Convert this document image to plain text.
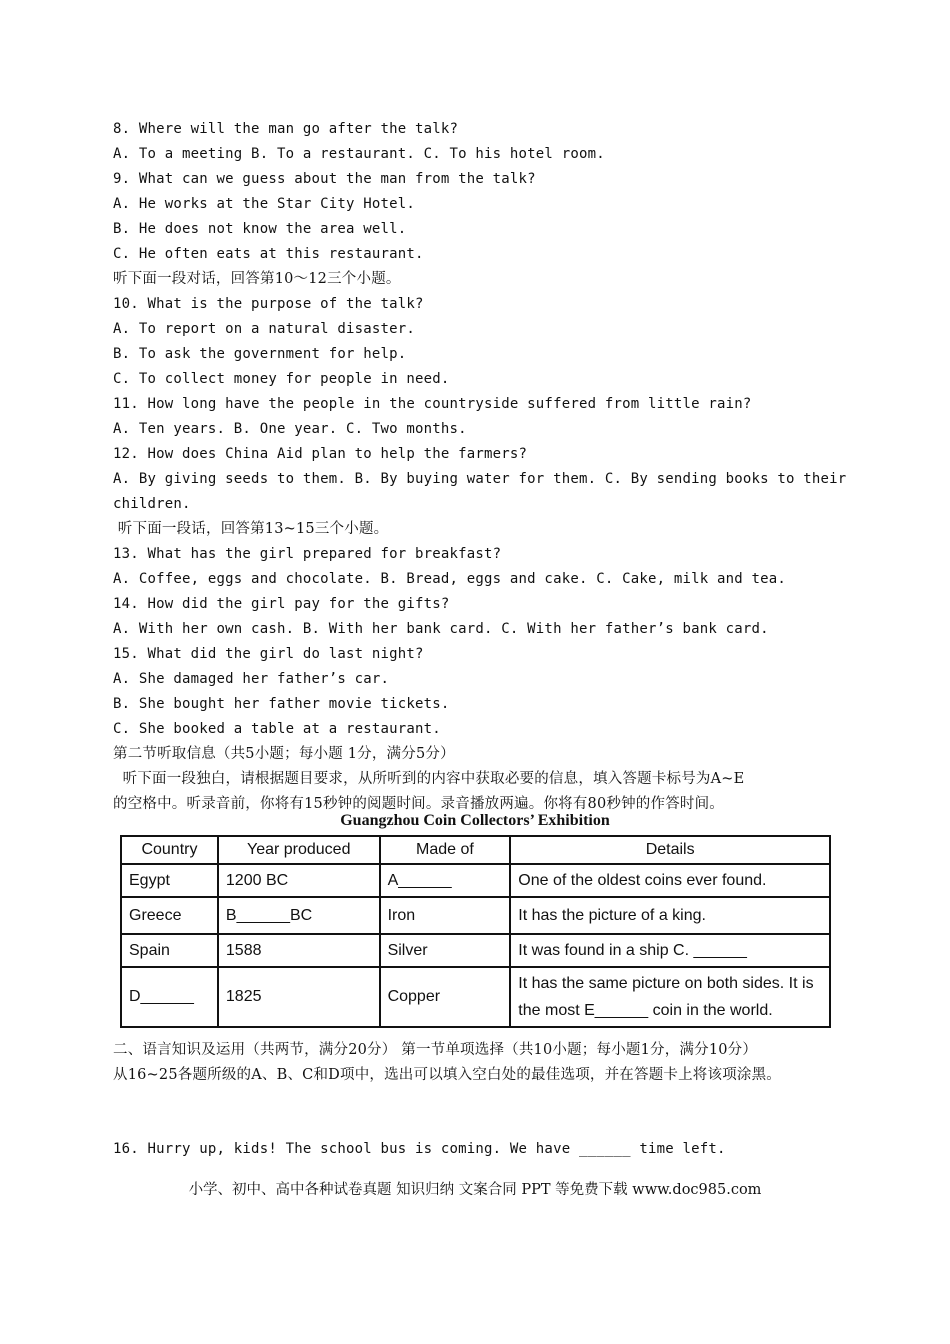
8. Where will the man go after the talk?
A. To a meeting B. To a restaurant. C. To his hotel room.
9. What can we guess about the man from the talk?
A. He works at the Star City Hotel.
B. He does not know the area well.
C. He often eats at this restaurant.
听下面一段对话，回答第10～12三个小题。
10. What is the purpose of the talk?
A. To report on a natural disaster.
B. To ask the government for help.
C. To collect money for people in need.
11. How long have the people in the countryside suffered from little rain?
A. Ten years. B. One year. C. Two months.
12. How does China Aid plan to help the farmers?
A. By giving seeds to them. B. By buying water for them. C. By sending books to their
children.
听下面一段话，回答第13~15三个小题。
13. What has the girl prepared for breakfast?
A. Coffee, eggs and chocolate. B. Bread, eggs and cake. C. Cake, milk and tea.
14. How did the girl pay for the gifts?
A. With her own cash. B. With her bank card. C. With her father’s bank card.
15. What did the girl do last night?
A. She damaged her father’s car.
B. She bought her father movie tickets.
C. She booked a table at a restaurant.
第二节听取信息（共5小题；每小题 1分，满分5分）
听下面一段独白，请根据题目要求，从所听到的内容中获取必要的信息，填入答题卡标号为A~E
的空格中。听录音前，你将有15秒钟的阅题时间。录音播放两遍。你将有80秒钟的作答时间。
Guangzhou Coin Collectors’ Exhibition
Country	Year produced	Made of	Details
Egypt	1200 BC	A______	One of the oldest coins ever found.
Greece	B______BC	Iron	It has the picture of a king.
Spain	1588	Silver	It was found in a ship C. ______
D______	1825	Copper	It has the same picture on both sides. It is the most E______ coin in the world.
二、语言知识及运用（共两节，满分20分） 第一节单项选择（共10小题；每小题1分，满分10分）
从16~25各题所级的A、B、C和D项中，选出可以填入空白处的最佳选项，并在答题卡上将该项涂黑。
16. Hurry up, kids! The school bus is coming. We have ______ time left.
小学、初中、高中各种试卷真题 知识归纳 文案合同 PPT 等免费下载 www.doc985.com
